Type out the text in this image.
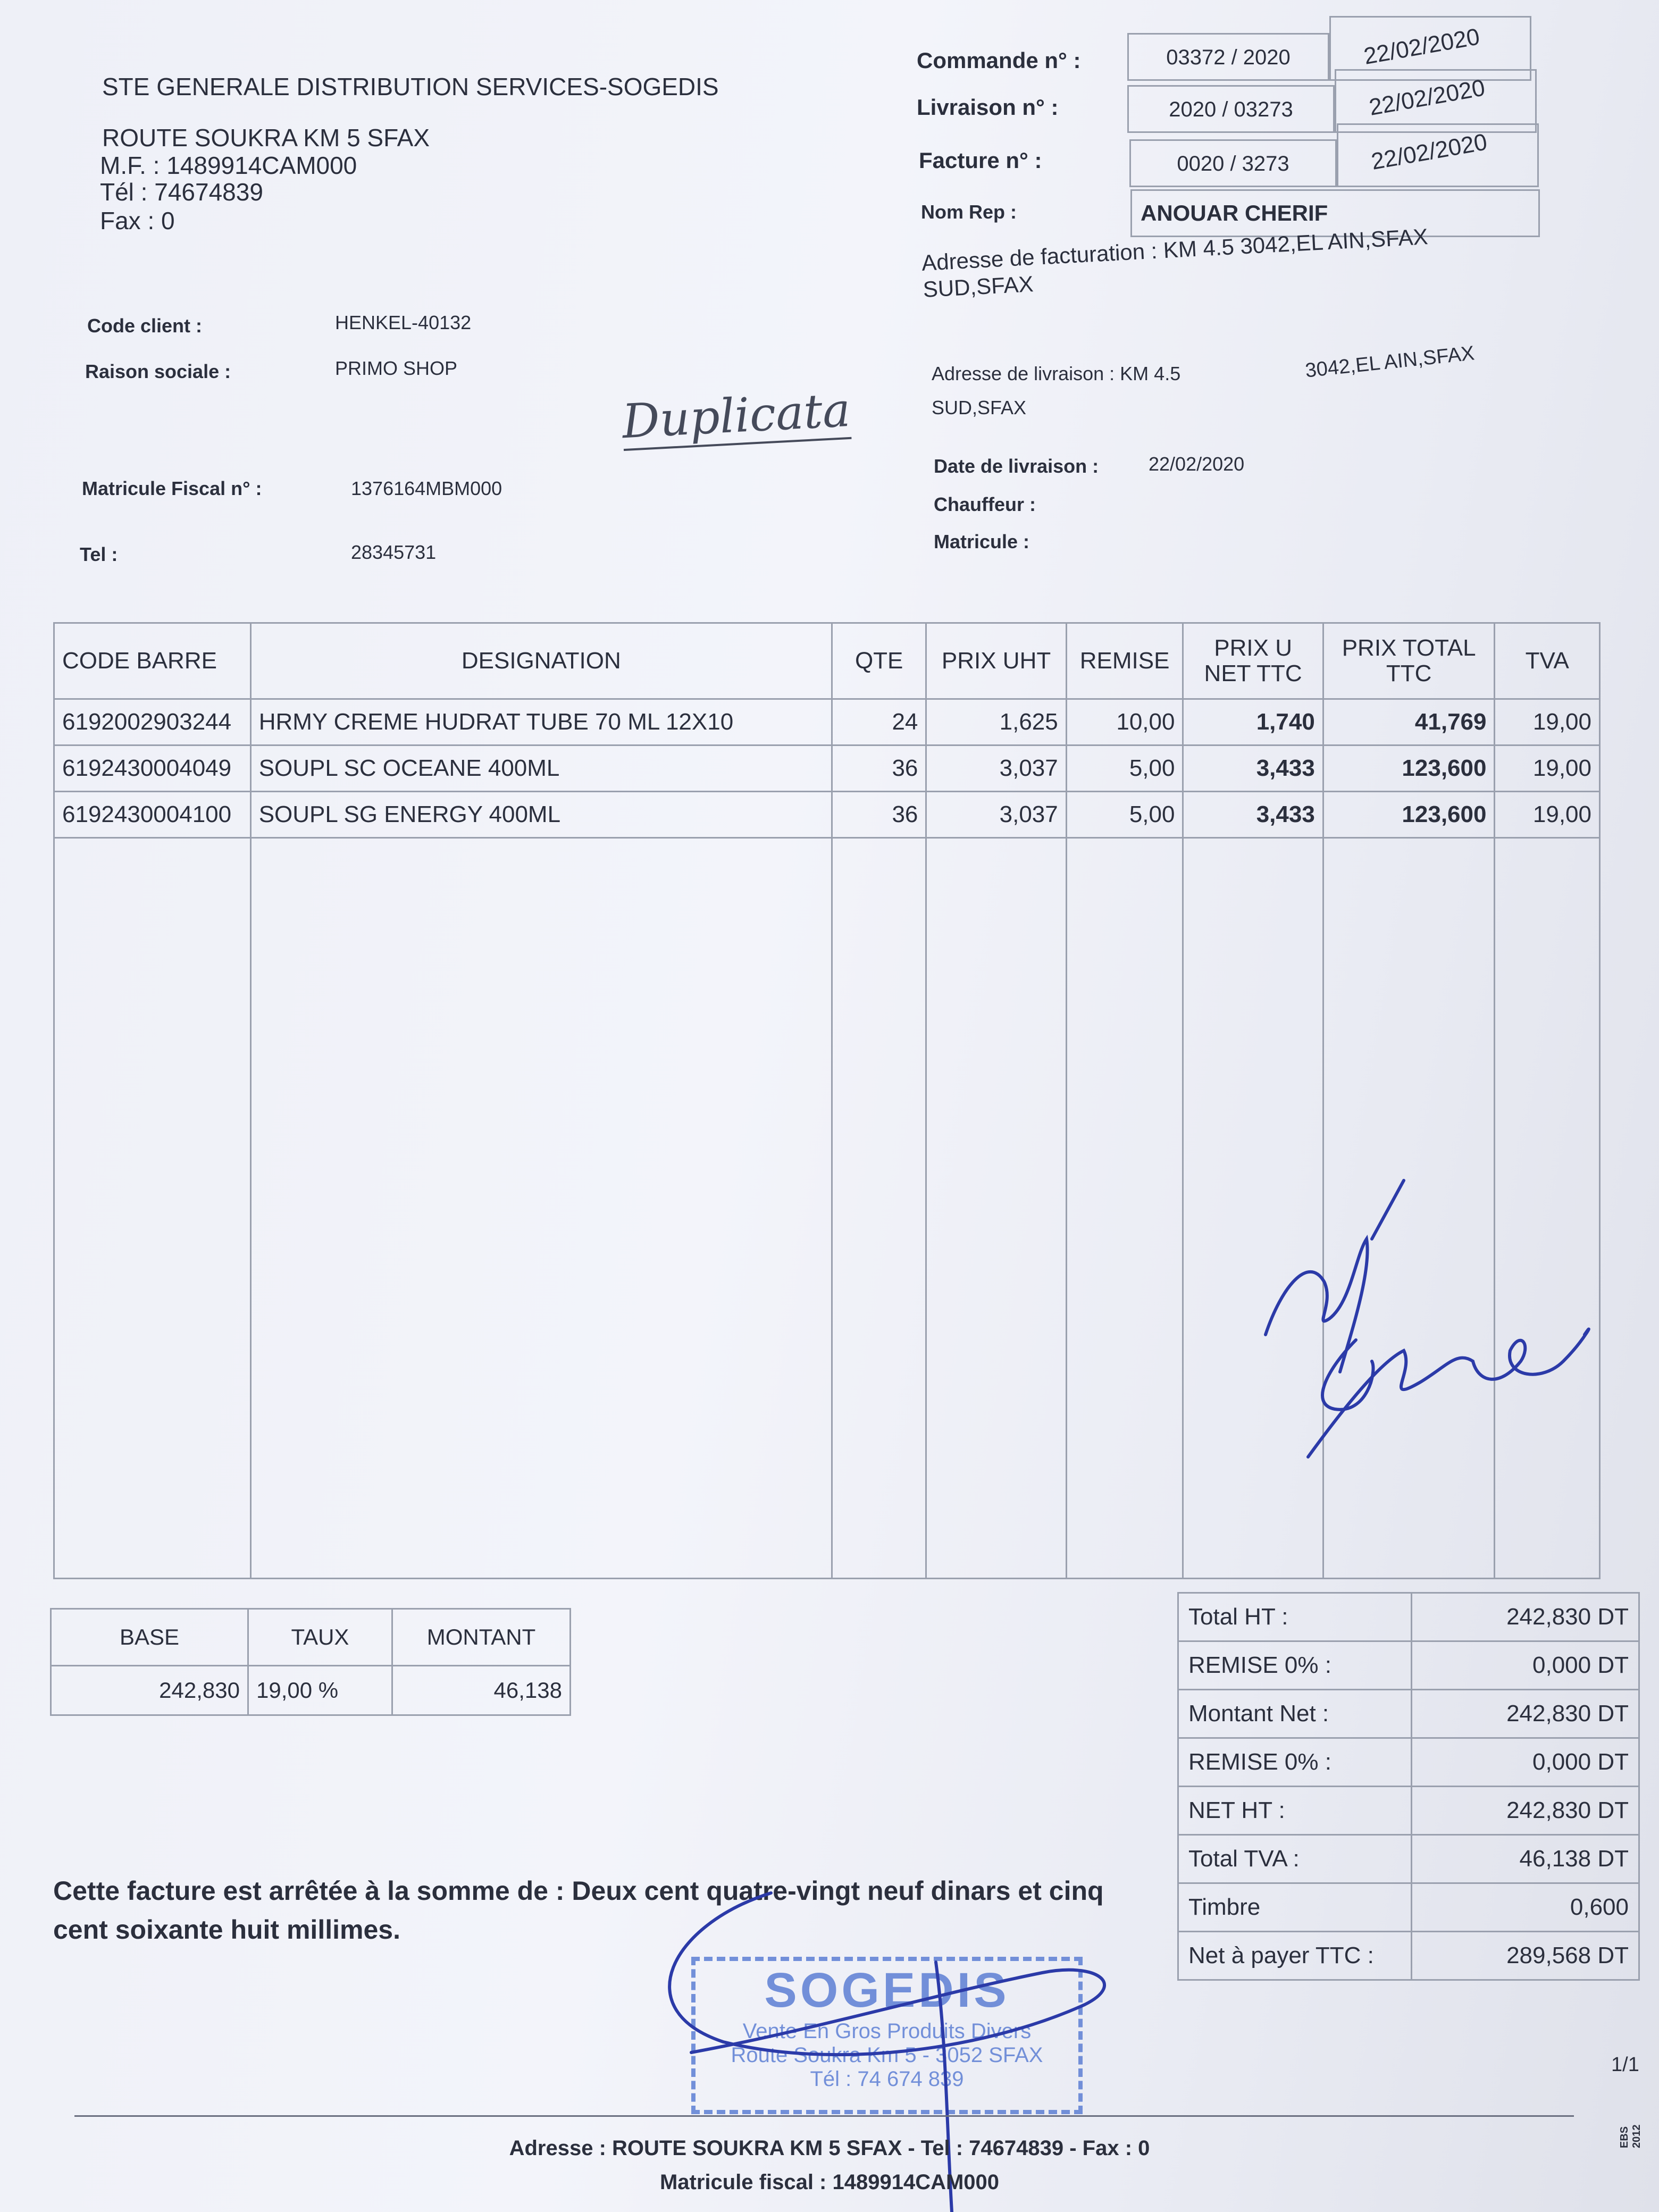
STE GENERALE DISTRIBUTION SERVICES-SOGEDIS
ROUTE SOUKRA KM 5 SFAX
M.F. : 1489914CAM000
Tél : 74674839
Fax : 0
Commande n° :	03372 / 2020	22/02/2020
Livraison n° :	2020 / 03273	22/02/2020
Facture n° :	0020 / 3273	22/02/2020
Nom Rep :	ANOUAR CHERIF
Adresse de facturation : KM 4.5 3042,EL AIN,SFAX SUD,SFAX
Adresse de livraison : KM 4.5	3042,EL AIN,SFAX
SUD,SFAX
Date de livraison :	22/02/2020
Chauffeur :
Matricule :
Code client :	HENKEL-40132
Raison sociale :	PRIMO SHOP
Duplicata
Matricule Fiscal n° :	1376164MBM000
Tel :	28345731
CODE BARRE	DESIGNATION	QTE	PRIX UHT	REMISE	PRIX U NET TTC	PRIX TOTAL TTC	TVA
6192002903244	HRMY CREME HUDRAT TUBE 70 ML 12X10	24	1,625	10,00	1,740	41,769	19,00
6192430004049	SOUPL SC OCEANE 400ML	36	3,037	5,00	3,433	123,600	19,00
6192430004100	SOUPL SG ENERGY 400ML	36	3,037	5,00	3,433	123,600	19,00

BASE	TAUX	MONTANT
242,830	19,00 %	46,138
Total HT :	242,830 DT
REMISE 0% :	0,000 DT
Montant Net :	242,830 DT
REMISE 0% :	0,000 DT
NET HT :	242,830 DT
Total TVA :	46,138 DT
Timbre	0,600
Net à payer TTC :	289,568 DT
Cette facture est arrêtée à la somme de : Deux cent quatre-vingt neuf dinars et cinq cent soixante huit millimes.
SOGEDIS
Vente En Gros Produits Divers
Route Soukra Km 5 - 3052 SFAX
Tél : 74 674 839
1/1
EBS 2012
Adresse : ROUTE SOUKRA KM 5 SFAX - Tel : 74674839 - Fax : 0
Matricule fiscal : 1489914CAM000
